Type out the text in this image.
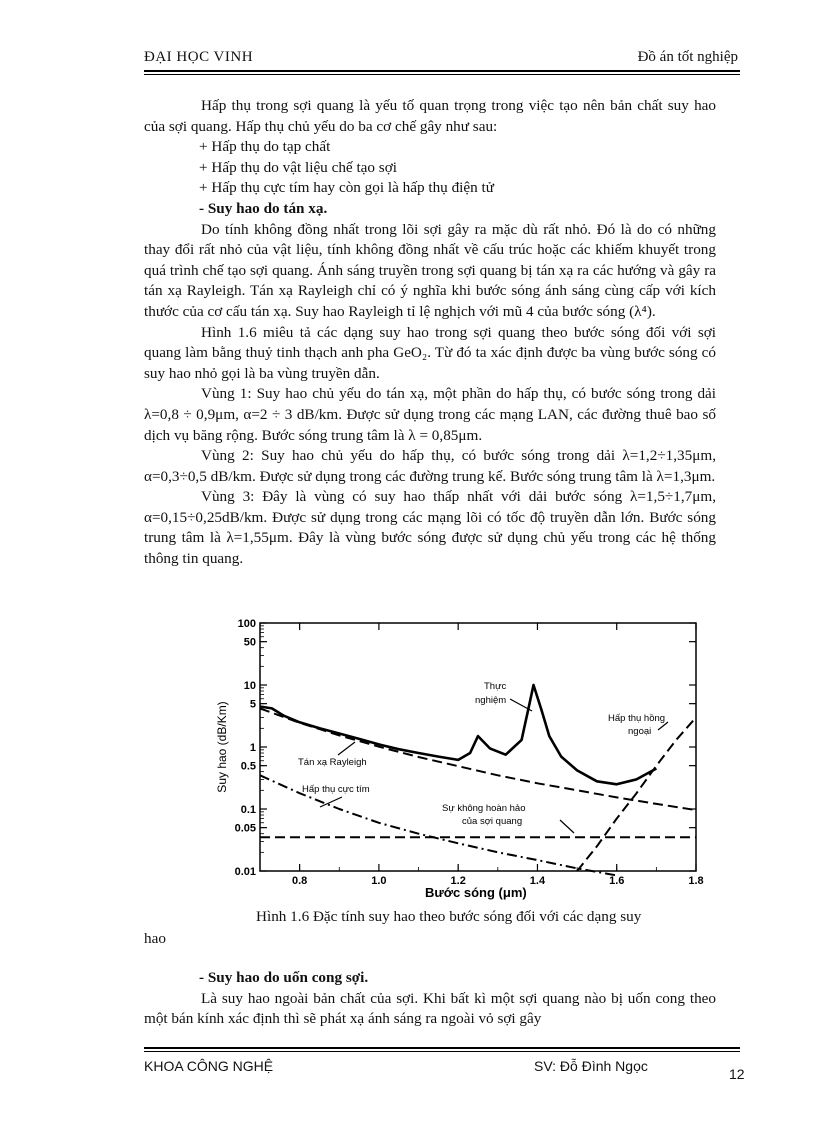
ĐẠI HỌC VINH	Đồ án tốt nghiệp

Hấp thụ trong sợi quang là yếu tố quan trọng trong việc tạo nên bản chất suy hao của sợi quang. Hấp thụ chủ yếu do ba cơ chế gây như sau:

+ Hấp thụ do tạp chất

+ Hấp thụ do vật liệu chế tạo sợi

+ Hấp thụ cực tím hay còn gọi là hấp thụ điện tử

- Suy hao do tán xạ.

Do tính không đồng nhất trong lõi sợi gây ra mặc dù rất nhỏ. Đó là do có những thay đổi rất nhỏ của vật liệu, tính không đồng nhất về cấu trúc hoặc các khiếm khuyết trong quá trình chế tạo sợi quang. Ánh sáng truyền trong sợi quang bị tán xạ ra các hướng và gây ra tán xạ Rayleigh. Tán xạ Rayleigh chỉ có ý nghĩa khi bước sóng ánh sáng cùng cấp với kích thước của cơ cấu tán xạ. Suy hao Rayleigh tỉ lệ nghịch với mũ 4 của bước sóng (λ⁴).

Hình 1.6 miêu tả các dạng suy hao trong sợi quang theo bước sóng đối với sợi quang làm bằng thuỷ tinh thạch anh pha GeO₂. Từ đó ta xác định được ba vùng bước sóng có suy hao nhỏ gọi là ba vùng truyền dẫn.

Vùng 1: Suy hao chủ yếu do tán xạ, một phần do hấp thụ, có bước sóng trong dải λ=0,8 ÷ 0,9μm, α=2 ÷ 3 dB/km. Được sử dụng trong các mạng LAN, các đường thuê bao số dịch vụ băng rộng. Bước sóng trung tâm là λ = 0,85μm.

Vùng 2: Suy hao chủ yếu do hấp thụ, có bước sóng trong dải λ=1,2÷1,35μm, α=0,3÷0,5 dB/km. Được sử dụng trong các đường trung kế. Bước sóng trung tâm là λ=1,3μm.

Vùng 3: Đây là vùng có suy hao thấp nhất với dải bước sóng λ=1,5÷1,7μm, α=0,15÷0,25dB/km. Được sử dụng trong các mạng lõi có tốc độ truyền dẫn lớn. Bước sóng trung tâm là λ=1,55μm. Đây là vùng bước sóng được sử dụng chủ yếu trong các hệ thống thông tin quang.

0.01
0.05
0.1
0.5
1
5
10
50
100
0.8	1.0	1.2	1.4	1.6	1.8
Thực
nghiệm
Hấp thụ hồng
ngoại
Tán xạ Rayleigh
Hấp thụ cực tím
Sự không hoàn hảo
của sợi quang
Bước sóng (μm)
Suy hao (dB/Km)
Hình 1.6 Đặc tính suy hao theo bước sóng đối với các dạng suy
hao

- Suy hao do uốn cong sợi.

Là suy hao ngoài bản chất của sợi. Khi bất kì một sợi quang nào bị uốn cong theo một bán kính xác định thì sẽ phát xạ ánh sáng ra ngoài vỏ sợi gây

KHOA CÔNG NGHỆ	SV: Đỗ Đình Ngọc	12
